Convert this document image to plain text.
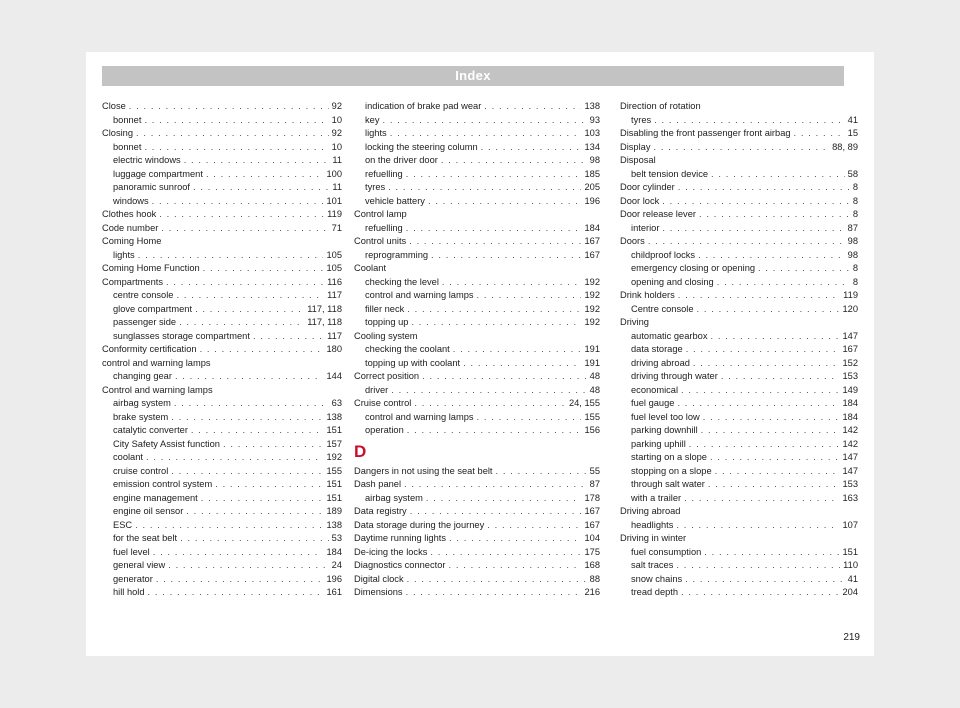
Index
Close . . .	92
bonnet . . .	10
Closing . . .	92
bonnet . . .	10
electric windows . . .	11
luggage compartment . . .	100
panoramic sunroof . . .	11
windows . . .	101
Clothes hook . . .	119
Code number . . .	71
Coming Home
lights . . .	105
Coming Home Function . . .	105
Compartments . . .	116
centre console . . .	117
glove compartment . . .	117, 118
passenger side . . .	117, 118
sunglasses storage compartment . . .	117
Conformity certification . . .	180
control and warning lamps
changing gear . . .	144
Control and warning lamps
airbag system . . .	63
brake system . . .	138
catalytic converter . . .	151
City Safety Assist function . . .	157
coolant . . .	192
cruise control . . .	155
emission control system . . .	151
engine management . . .	151
engine oil sensor . . .	189
ESC . . .	138
for the seat belt . . .	53
fuel level . . .	184
general view . . .	24
generator . . .	196
hill hold . . .	161
indication of brake pad wear . . .	138
key . . .	93
lights . . .	103
locking the steering column . . .	134
on the driver door . . .	98
refuelling . . .	185
tyres . . .	205
vehicle battery . . .	196
Control lamp
refuelling . . .	184
Control units . . .	167
reprogramming . . .	167
Coolant
checking the level . . .	192
control and warning lamps . . .	192
filler neck . . .	192
topping up . . .	192
Cooling system
checking the coolant . . .	191
topping up with coolant . . .	191
Correct position . . .	48
driver . . .	48
Cruise control . . .	24, 155
control and warning lamps . . .	155
operation . . .	156
D
Dangers in not using the seat belt . . .	55
Dash panel . . .	87
airbag system . . .	178
Data registry . . .	167
Data storage during the journey . . .	167
Daytime running lights . . .	104
De-icing the locks . . .	175
Diagnostics connector . . .	168
Digital clock . . .	88
Dimensions . . .	216
Direction of rotation
tyres . . .	41
Disabling the front passenger front airbag . . .	15
Display . . .	88, 89
Disposal
belt tension device . . .	58
Door cylinder . . .	8
Door lock . . .	8
Door release lever . . .	8
interior . . .	87
Doors . . .	98
childproof locks . . .	98
emergency closing or opening . . .	8
opening and closing . . .	8
Drink holders . . .	119
Centre console . . .	120
Driving
automatic gearbox . . .	147
data storage . . .	167
driving abroad . . .	152
driving through water . . .	153
economical . . .	149
fuel gauge . . .	184
fuel level too low . . .	184
parking downhill . . .	142
parking uphill . . .	142
starting on a slope . . .	147
stopping on a slope . . .	147
through salt water . . .	153
with a trailer . . .	163
Driving abroad
headlights . . .	107
Driving in winter
fuel consumption . . .	151
salt traces . . .	110
snow chains . . .	41
tread depth . . .	204
219
